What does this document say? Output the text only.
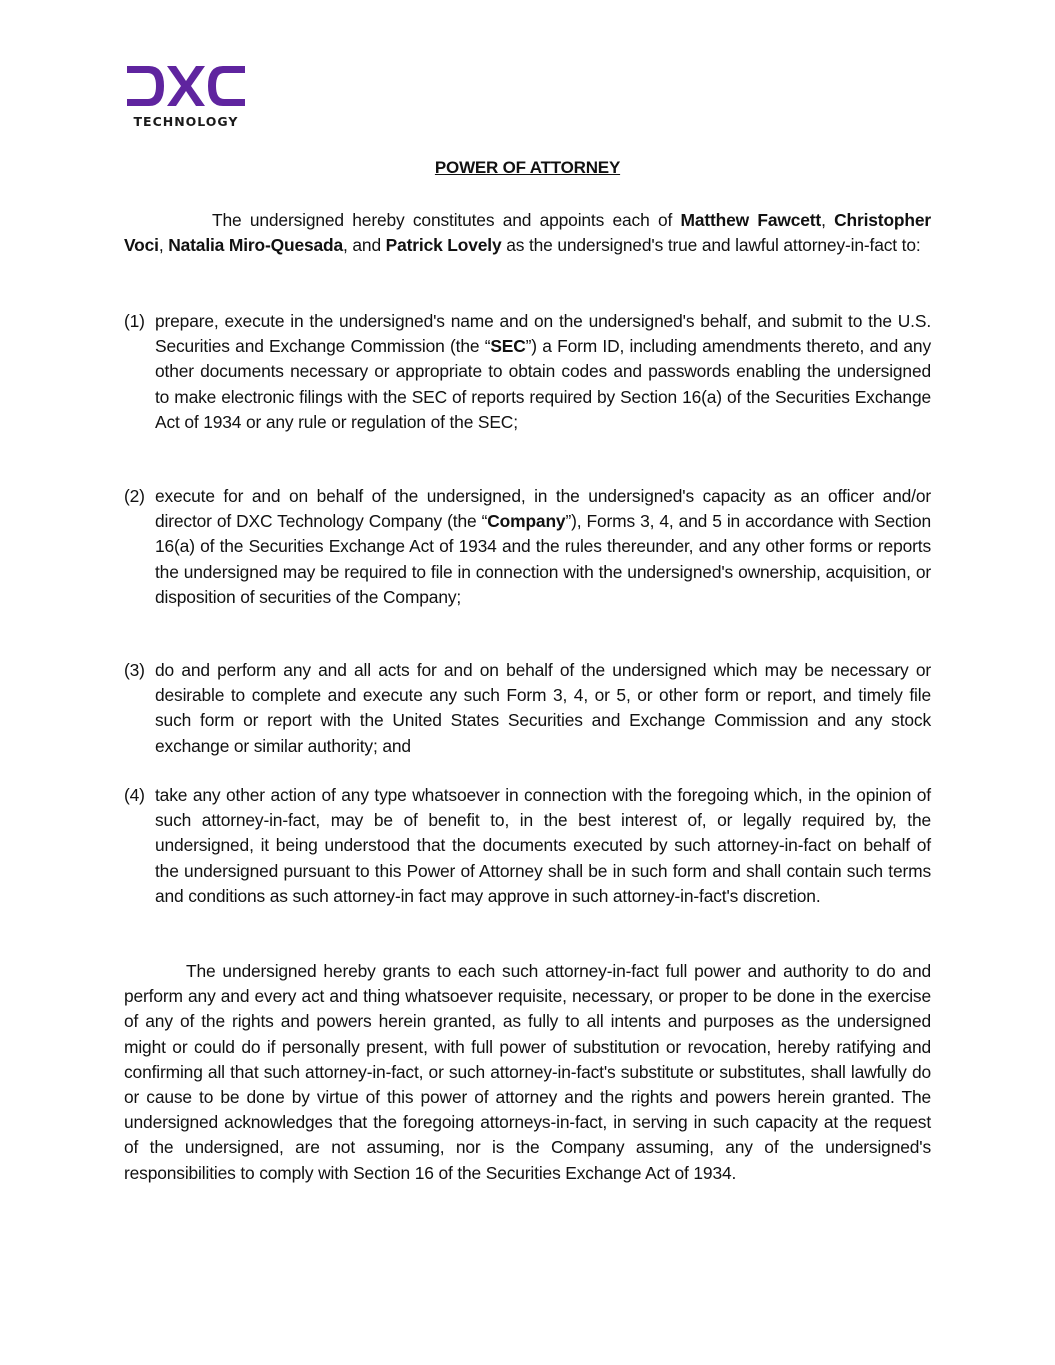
TECHNOLOGY
POWER OF ATTORNEY
The undersigned hereby constitutes and appoints each of Matthew Fawcett, Christopher Voci, Natalia Miro-Quesada, and Patrick Lovely as the undersigned's true and lawful attorney-in-fact to:
(1) prepare, execute in the undersigned's name and on the undersigned's behalf, and submit to the U.S. Securities and Exchange Commission (the “SEC”) a Form ID, including amendments thereto, and any other documents necessary or appropriate to obtain codes and passwords enabling the undersigned to make electronic filings with the SEC of reports required by Section 16(a) of the Securities Exchange Act of 1934 or any rule or regulation of the SEC;
(2) execute for and on behalf of the undersigned, in the undersigned's capacity as an officer and/or director of DXC Technology Company (the “Company”), Forms 3, 4, and 5 in accordance with Section 16(a) of the Securities Exchange Act of 1934 and the rules thereunder, and any other forms or reports the undersigned may be required to file in connection with the undersigned's ownership, acquisition, or disposition of securities of the Company;
(3) do and perform any and all acts for and on behalf of the undersigned which may be necessary or desirable to complete and execute any such Form 3, 4, or 5, or other form or report, and timely file such form or report with the United States Securities and Exchange Commission and any stock exchange or similar authority; and
(4) take any other action of any type whatsoever in connection with the foregoing which, in the opinion of such attorney-in-fact, may be of benefit to, in the best interest of, or legally required by, the undersigned, it being understood that the documents executed by such attorney-in-fact on behalf of the undersigned pursuant to this Power of Attorney shall be in such form and shall contain such terms and conditions as such attorney-in fact may approve in such attorney-in-fact's discretion.
The undersigned hereby grants to each such attorney-in-fact full power and authority to do and perform any and every act and thing whatsoever requisite, necessary, or proper to be done in the exercise of any of the rights and powers herein granted, as fully to all intents and purposes as the undersigned might or could do if personally present, with full power of substitution or revocation, hereby ratifying and confirming all that such attorney-in-fact, or such attorney-in-fact's substitute or substitutes, shall lawfully do or cause to be done by virtue of this power of attorney and the rights and powers herein granted. The undersigned acknowledges that the foregoing attorneys-in-fact, in serving in such capacity at the request of the undersigned, are not assuming, nor is the Company assuming, any of the undersigned's responsibilities to comply with Section 16 of the Securities Exchange Act of 1934.
